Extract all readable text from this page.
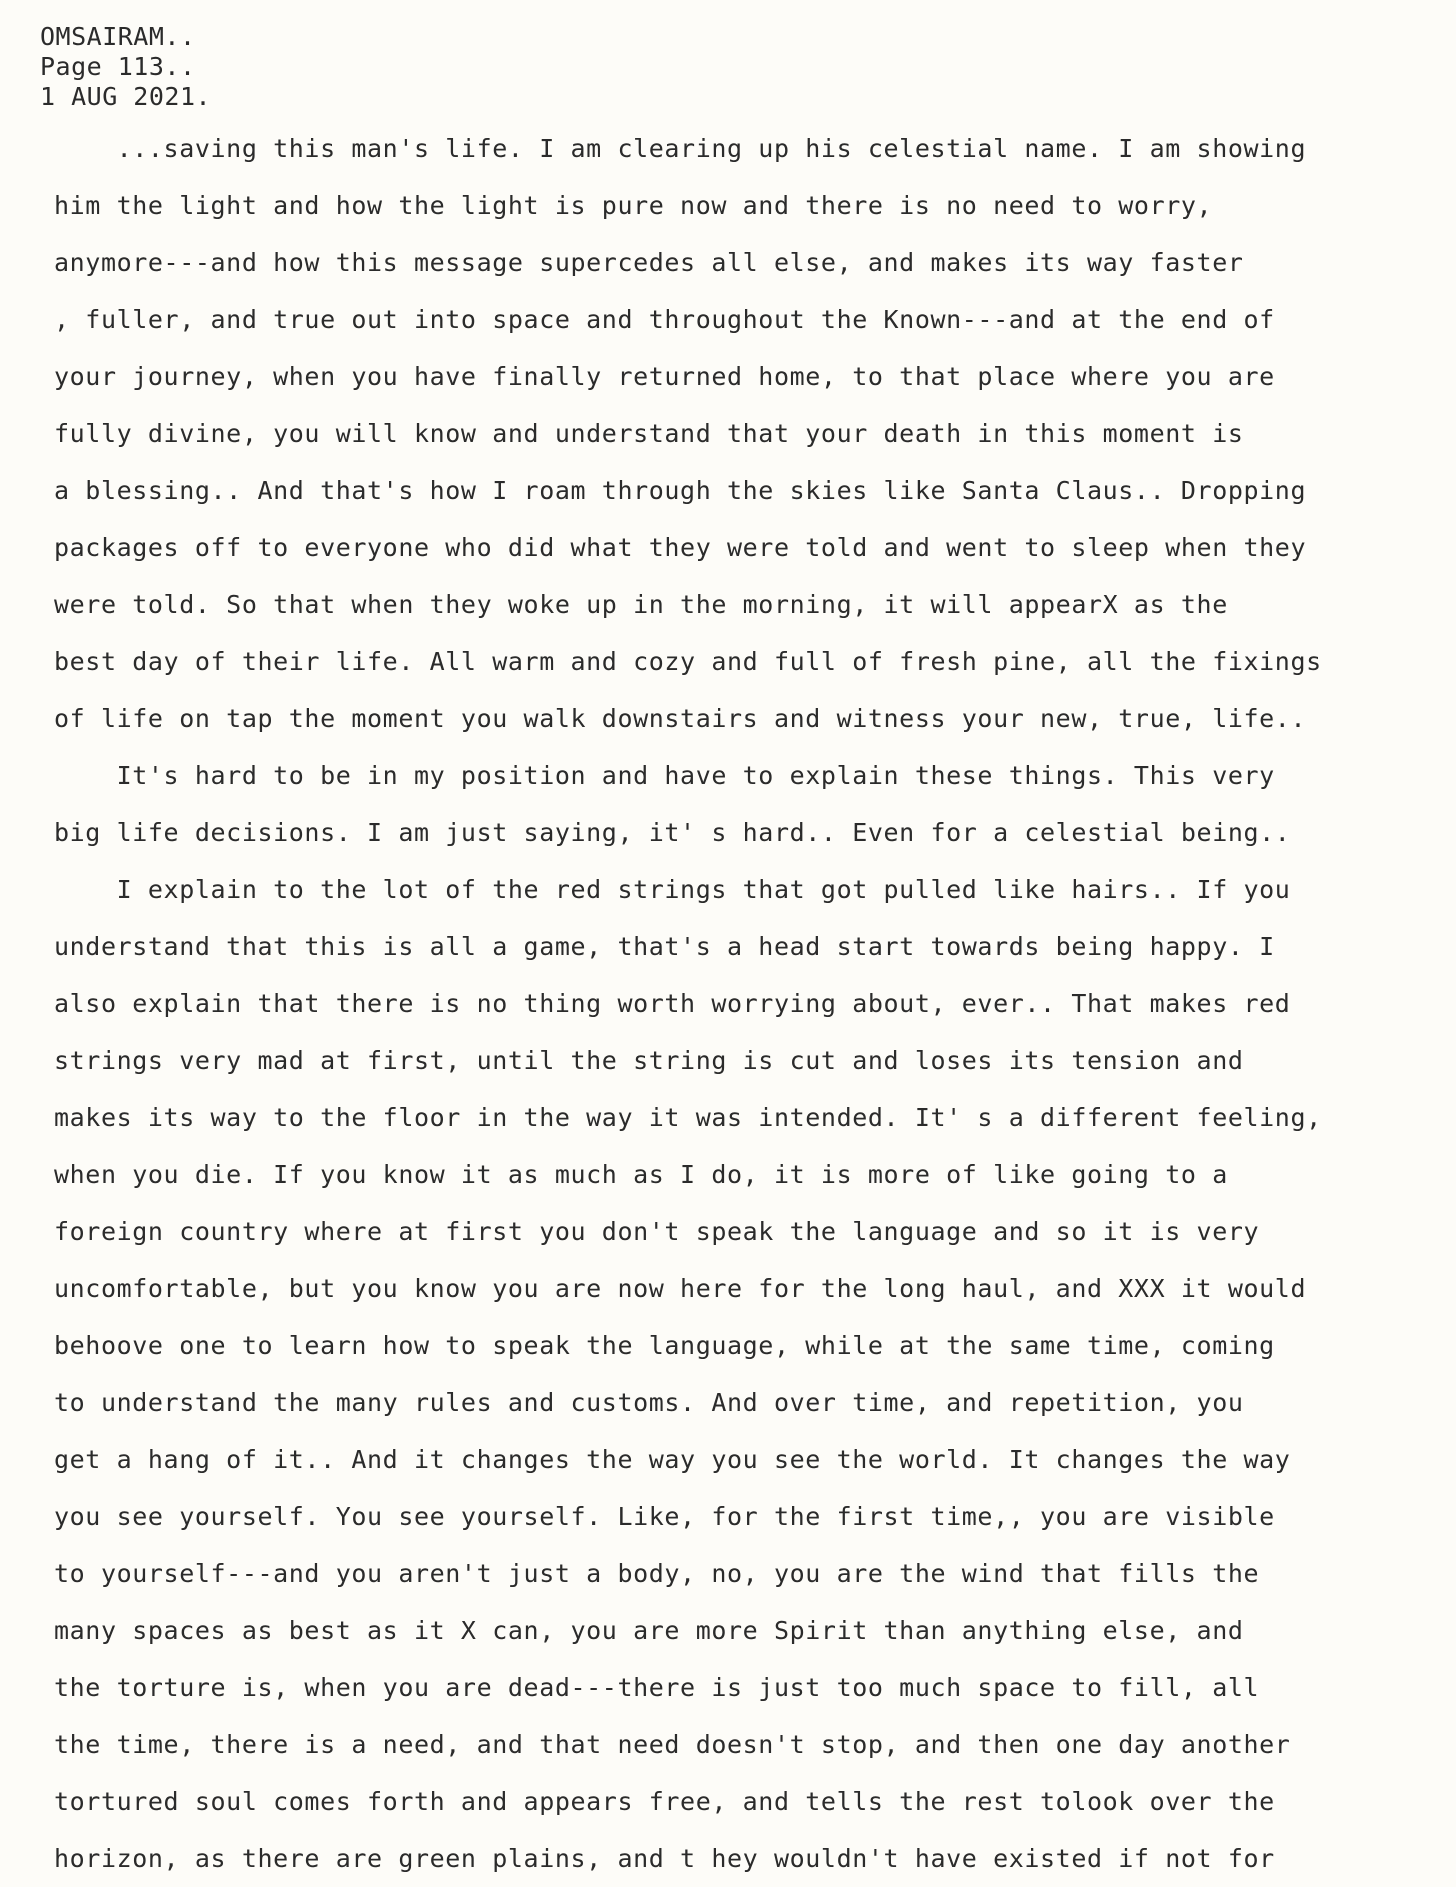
OMSAIRAM..
Page 113..
1 AUG 2021.
...saving this man's life. I am clearing up his celestial name. I am showing
him the light and how the light is pure now and there is no need to worry,
anymore---and how this message supercedes all else, and makes its way faster
, fuller, and true out into space and throughout the Known---and at the end of
your journey, when you have finally returned home, to that place where you are
fully divine, you will know and understand that your death in this moment is
a blessing.. And that's how I roam through the skies like Santa Claus.. Dropping
packages off to everyone who did what they were told and went to sleep when they
were told. So that when they woke up in the morning, it will appearX as the
best day of their life. All warm and cozy and full of fresh pine, all the fixings
of life on tap the moment you walk downstairs and witness your new, true, life..
It's hard to be in my position and have to explain these things. This very
big life decisions. I am just saying, it' s hard.. Even for a celestial being..
I explain to the lot of the red strings that got pulled like hairs.. If you
understand that this is all a game, that's a head start towards being happy. I
also explain that there is no thing worth worrying about, ever.. That makes red
strings very mad at first, until the string is cut and loses its tension and
makes its way to the floor in the way it was intended. It' s a different feeling,
when you die. If you know it as much as I do, it is more of like going to a
foreign country where at first you don't speak the language and so it is very
uncomfortable, but you know you are now here for the long haul, and XXX it would
behoove one to learn how to speak the language, while at the same time, coming
to understand the many rules and customs. And over time, and repetition, you
get a hang of it.. And it changes the way you see the world. It changes the way
you see yourself. You see yourself. Like, for the first time,, you are visible
to yourself---and you aren't just a body, no, you are the wind that fills the
many spaces as best as it X can, you are more Spirit than anything else, and
the torture is, when you are dead---there is just too much space to fill, all
the time, there is a need, and that need doesn't stop, and then one day another
tortured soul comes forth and appears free, and tells the rest tolook over the
horizon, as there are green plains, and t hey wouldn't have existed if not for
